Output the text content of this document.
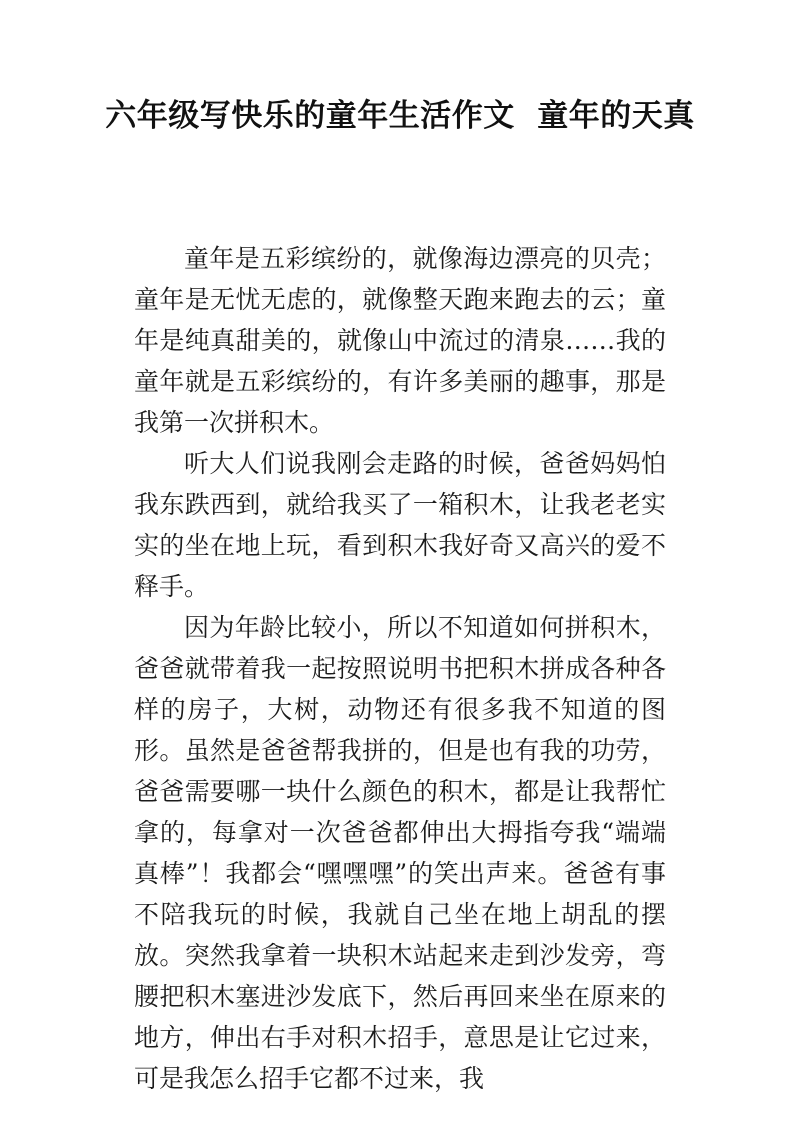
六年级写快乐的童年生活作文  童年的天真

童年是五彩缤纷的，就像海边漂亮的贝壳；童年是无忧无虑的，就像整天跑来跑去的云；童年是纯真甜美的，就像山中流过的清泉……我的童年就是五彩缤纷的，有许多美丽的趣事，那是我第一次拼积木。

听大人们说我刚会走路的时候，爸爸妈妈怕我东跌西到，就给我买了一箱积木，让我老老实实的坐在地上玩，看到积木我好奇又高兴的爱不释手。

因为年龄比较小，所以不知道如何拼积木，爸爸就带着我一起按照说明书把积木拼成各种各样的房子，大树，动物还有很多我不知道的图形。虽然是爸爸帮我拼的，但是也有我的功劳，爸爸需要哪一块什么颜色的积木，都是让我帮忙拿的，每拿对一次爸爸都伸出大拇指夸我“端端真棒”！我都会“嘿嘿嘿”的笑出声来。爸爸有事不陪我玩的时候，我就自己坐在地上胡乱的摆放。突然我拿着一块积木站起来走到沙发旁，弯腰把积木塞进沙发底下，然后再回来坐在原来的地方，伸出右手对积木招手，意思是让它过来，可是我怎么招手它都不过来，我
